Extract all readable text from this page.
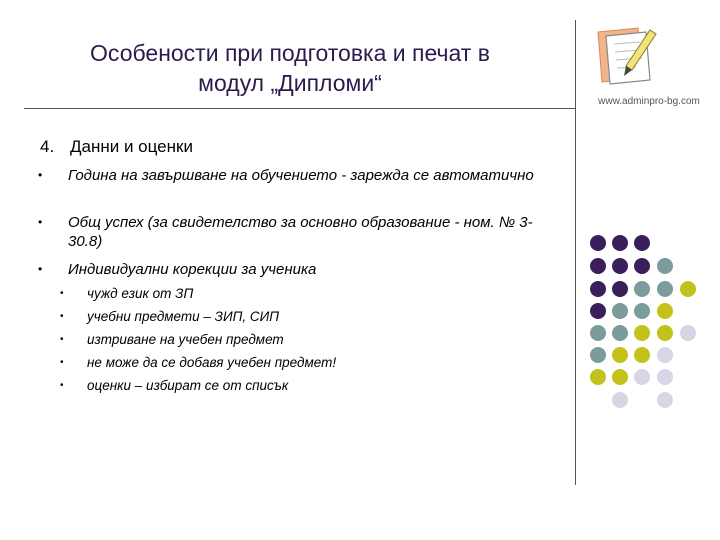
Особености при подготовка и печат в
модул „Дипломи“
www.adminpro-bg.com
4. Данни и оценки
• Година на завършване на обучението - зарежда се автоматично
• Общ успех (за свидетелство за основно образование - ном. № 3-30.8)
• Индивидуални корекции за ученика
• чужд език от ЗП
• учебни предмети – ЗИП, СИП
• изтриване на учебен предмет
• не може да се добавя учебен предмет!
• оценки – избират се от списък
